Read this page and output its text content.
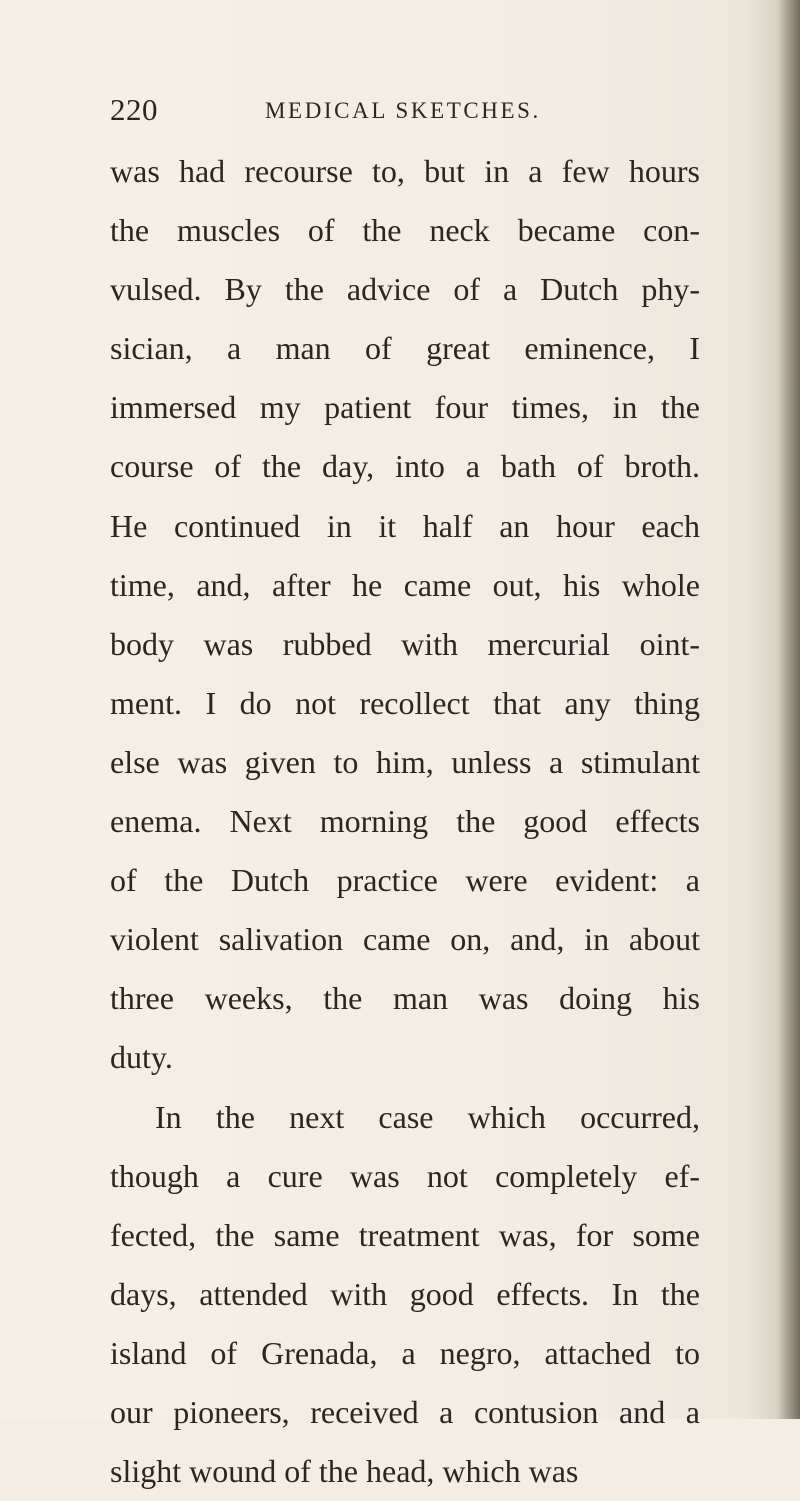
220	MEDICAL SKETCHES.
was had recourse to, but in a few hours
the muscles of the neck became con-
vulsed. By the advice of a Dutch phy-
sician, a man of great eminence, I
immersed my patient four times, in the
course of the day, into a bath of broth.
He continued in it half an hour each
time, and, after he came out, his whole
body was rubbed with mercurial oint-
ment. I do not recollect that any thing
else was given to him, unless a stimulant
enema. Next morning the good effects
of the Dutch practice were evident: a
violent salivation came on, and, in about
three weeks, the man was doing his
duty.
In the next case which occurred,
though a cure was not completely ef-
fected, the same treatment was, for some
days, attended with good effects. In the
island of Grenada, a negro, attached to
our pioneers, received a contusion and a
slight wound of the head, which was
